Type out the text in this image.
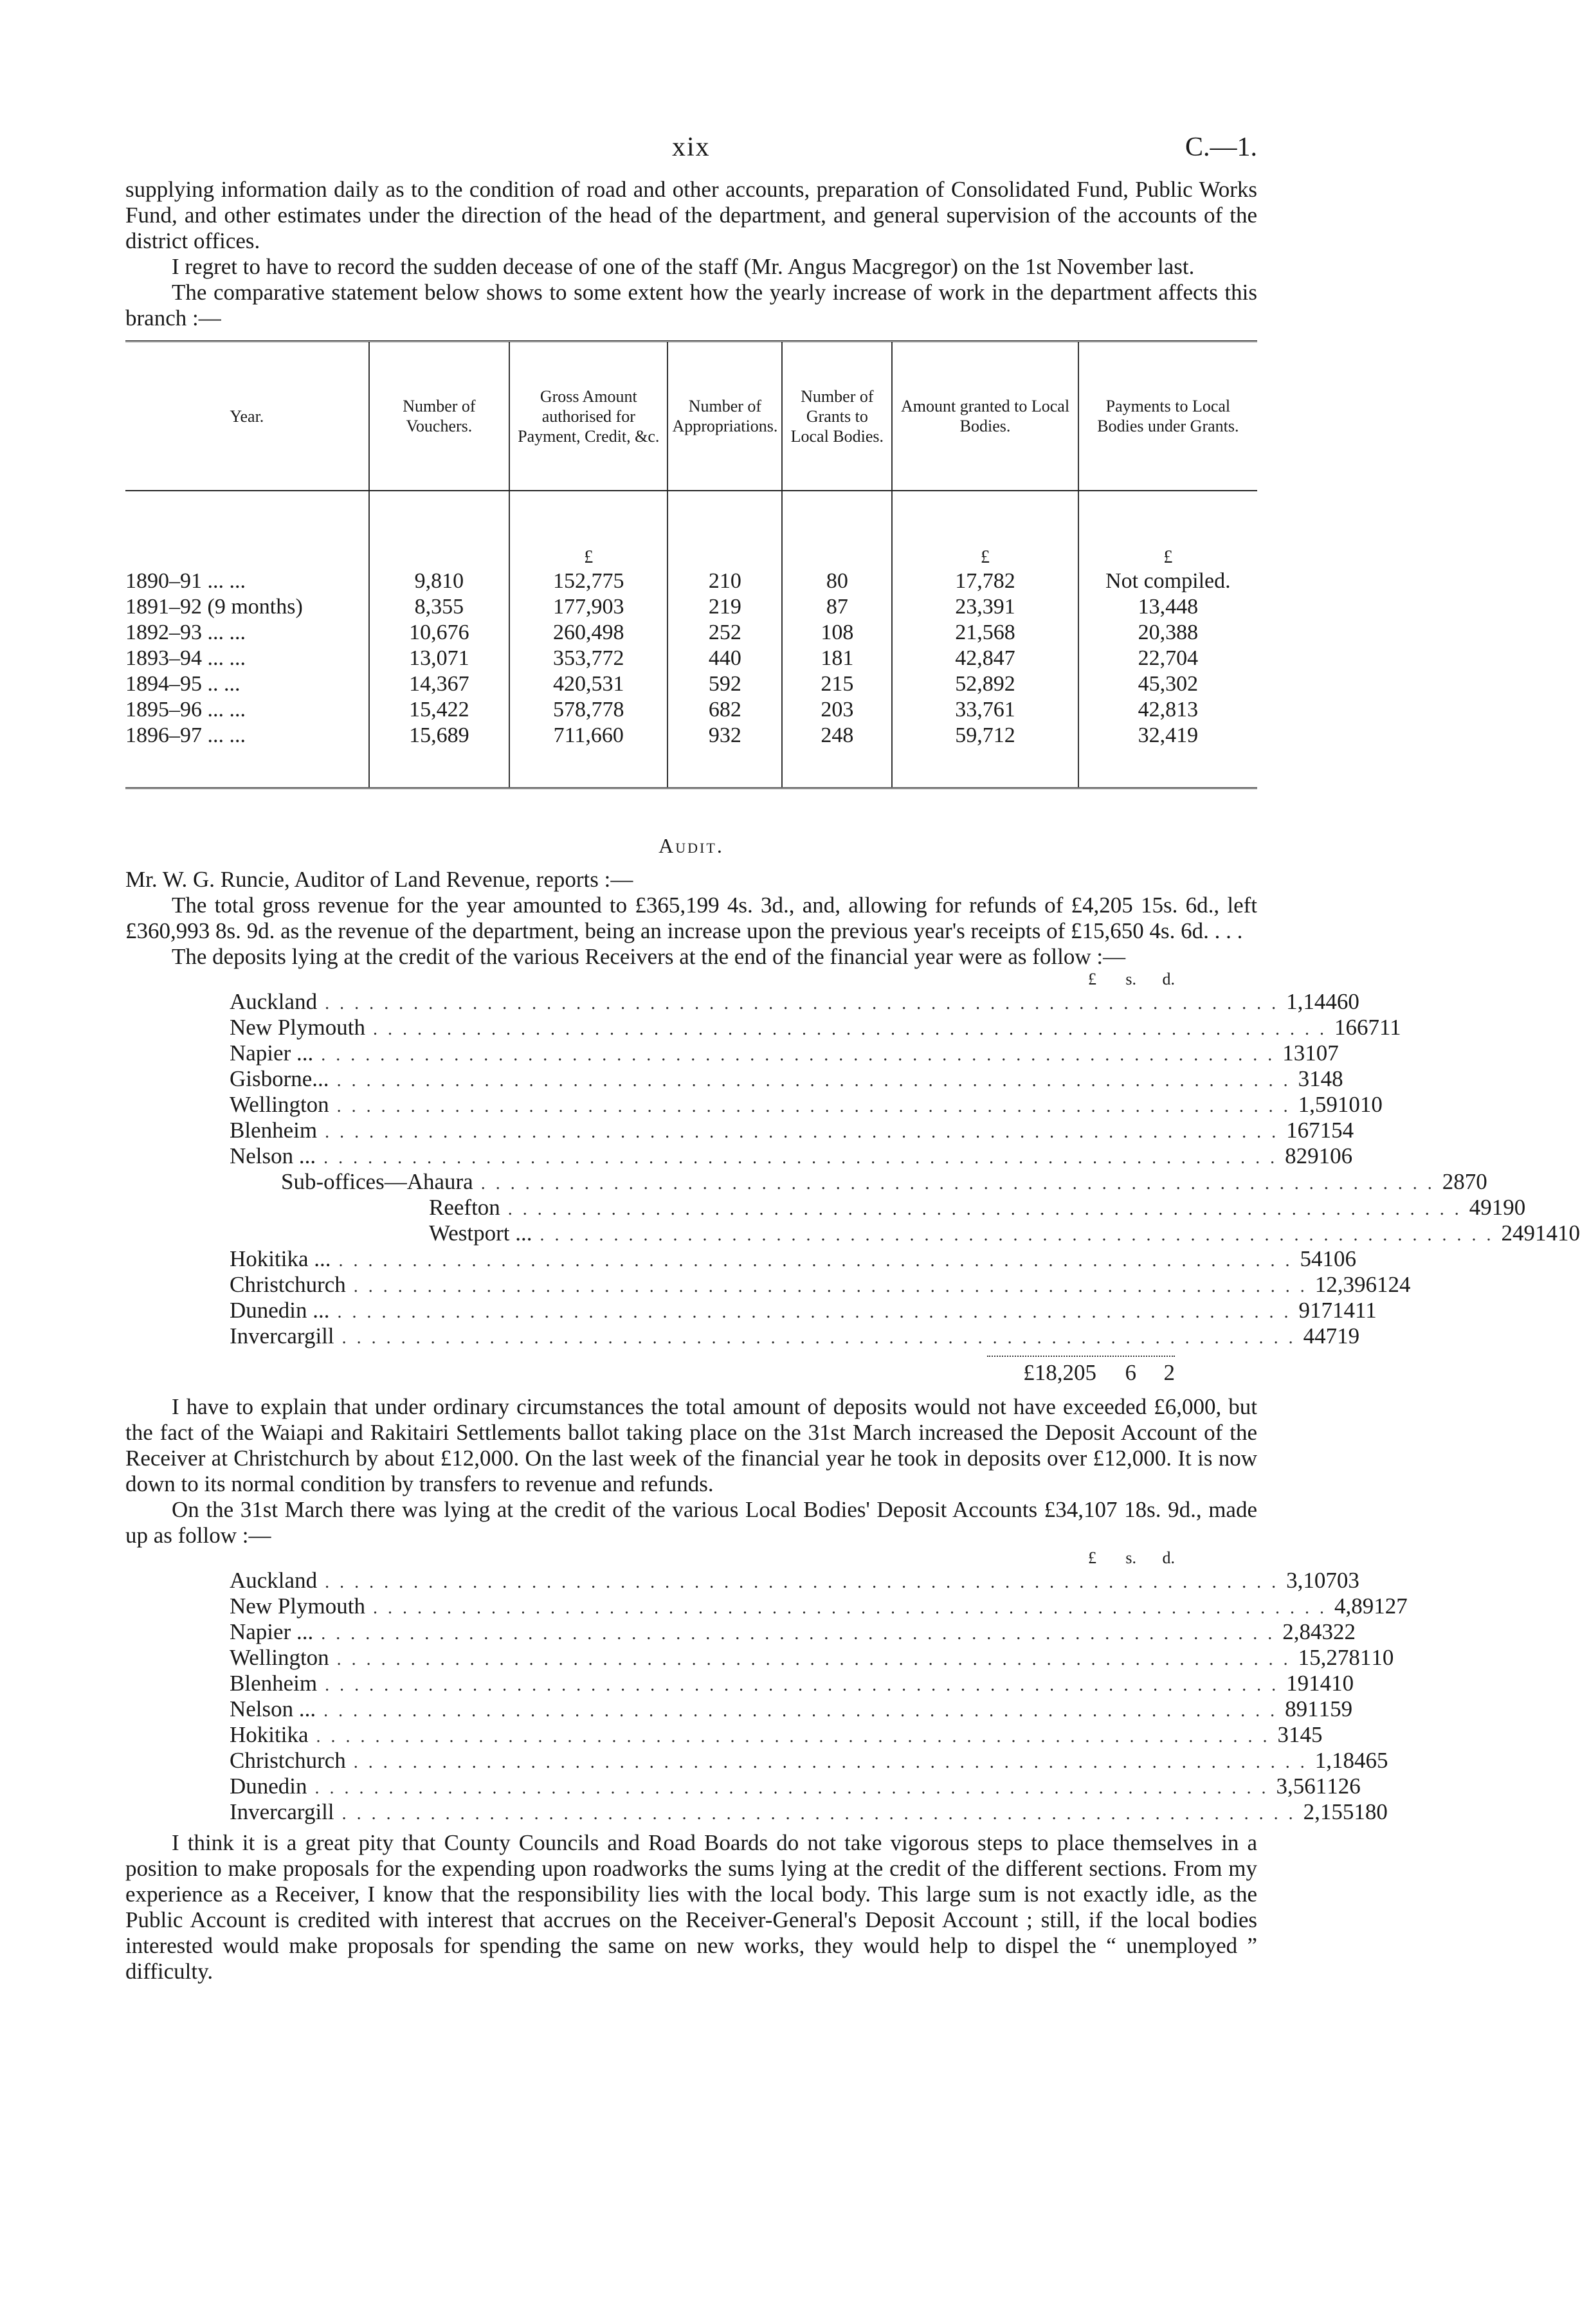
xix	C.—1.

supplying information daily as to the condition of road and other accounts, preparation of Consolidated Fund, Public Works Fund, and other estimates under the direction of the head of the department, and general supervision of the accounts of the district offices.

I regret to have to record the sudden decease of one of the staff (Mr. Angus Macgregor) on the 1st November last.

The comparative statement below shows to some extent how the yearly increase of work in the department affects this branch :—

Year.	Number of Vouchers.	Gross Amount authorised for Payment, Credit, &c.	Number of Appropriations.	Number of Grants to Local Bodies.	Amount granted to Local Bodies.	Payments to Local Bodies under Grants.
		£			£	£
1890–91 ... ...	9,810	152,775	210	80	17,782	Not compiled.
1891–92 (9 months)	8,355	177,903	219	87	23,391	13,448
1892–93 ... ...	10,676	260,498	252	108	21,568	20,388
1893–94 ... ...	13,071	353,772	440	181	42,847	22,704
1894–95 .. ...	14,367	420,531	592	215	52,892	45,302
1895–96 ... ...	15,422	578,778	682	203	33,761	42,813
1896–97 ... ...	15,689	711,660	932	248	59,712	32,419
Audit.

Mr. W. G. Runcie, Auditor of Land Revenue, reports :—

The total gross revenue for the year amounted to £365,199 4s. 3d., and, allowing for refunds of £4,205 15s. 6d., left £360,993 8s. 9d. as the revenue of the department, being an increase upon the previous year's receipts of £15,650 4s. 6d. . . .

The deposits lying at the credit of the various Receivers at the end of the financial year were as follow :—

£	s.	d.
Auckland ................................................................. 1,144 6 0
New Plymouth ................................................................. 166 7 11
Napier ... ................................................................. 131 0 7
Gisborne... ................................................................. 31 4 8
Wellington ................................................................. 1,591 0 10
Blenheim ................................................................. 167 15 4
Nelson ... ................................................................. 829 10 6
Sub-offices—Ahaura ................................................................. 28 7 0
Reefton ................................................................. 49 19 0
Westport ... ................................................................. 249 14 10
Hokitika ... ................................................................. 54 10 6
Christchurch ................................................................. 12,396 12 4
Dunedin ... ................................................................. 917 14 11
Invercargill ................................................................. 447 1 9
£18,205	6	2

I have to explain that under ordinary circumstances the total amount of deposits would not have exceeded £6,000, but the fact of the Waiapi and Rakitairi Settlements ballot taking place on the 31st March increased the Deposit Account of the Receiver at Christchurch by about £12,000. On the last week of the financial year he took in deposits over £12,000. It is now down to its normal condition by transfers to revenue and refunds.

On the 31st March there was lying at the credit of the various Local Bodies' Deposit Accounts £34,107 18s. 9d., made up as follow :—

£	s.	d.
Auckland ................................................................. 3,107 0 3
New Plymouth ................................................................. 4,891 2 7
Napier ... ................................................................. 2,843 2 2
Wellington ................................................................. 15,278 1 10
Blenheim ................................................................. 191 4 10
Nelson ... ................................................................. 891 15 9
Hokitika ................................................................. 3 14 5
Christchurch ................................................................. 1,184 6 5
Dunedin ................................................................. 3,561 12 6
Invercargill ................................................................. 2,155 18 0

I think it is a great pity that County Councils and Road Boards do not take vigorous steps to place themselves in a position to make proposals for the expending upon roadworks the sums lying at the credit of the different sections. From my experience as a Receiver, I know that the responsibility lies with the local body. This large sum is not exactly idle, as the Public Account is credited with interest that accrues on the Receiver-General's Deposit Account ; still, if the local bodies interested would make proposals for spending the same on new works, they would help to dispel the “ unemployed ” difficulty.
